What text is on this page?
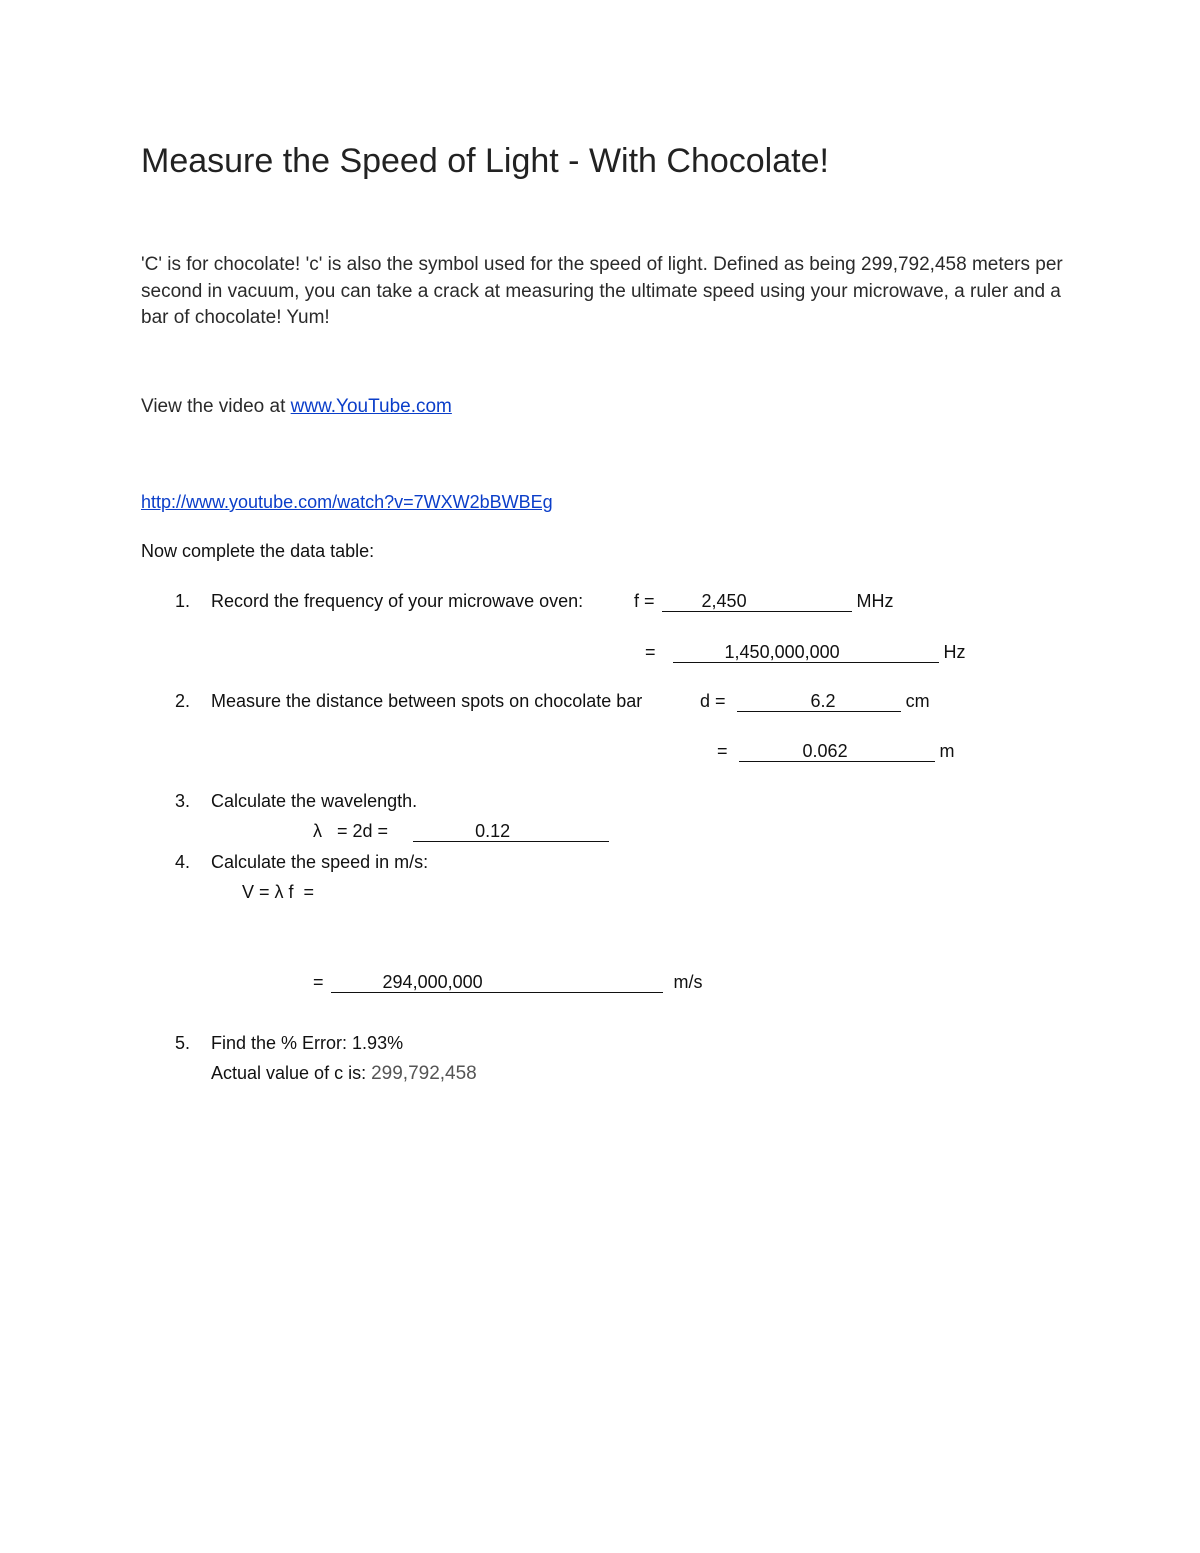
Measure the Speed of Light - With Chocolate!
'C' is for chocolate! 'c' is also the symbol used for the speed of light. Defined as being 299,792,458 meters per second in vacuum, you can take a crack at measuring the ultimate speed using your microwave, a ruler and a bar of chocolate! Yum!
View the video at www.YouTube.com
http://www.youtube.com/watch?v=7WXW2bBWBEg
Now complete the data table:
1. Record the frequency of your microwave oven:	f =	2,450	MHz
=	1,450,000,000	Hz
2. Measure the distance between spots on chocolate bar	d =	6.2	cm
=	0.062	m
3. Calculate the wavelength.
λ   = 2d =	0.12
4. Calculate the speed in m/s:
V = λ f  =
=	294,000,000	m/s
5. Find the % Error: 1.93%
Actual value of c is: 299,792,458
